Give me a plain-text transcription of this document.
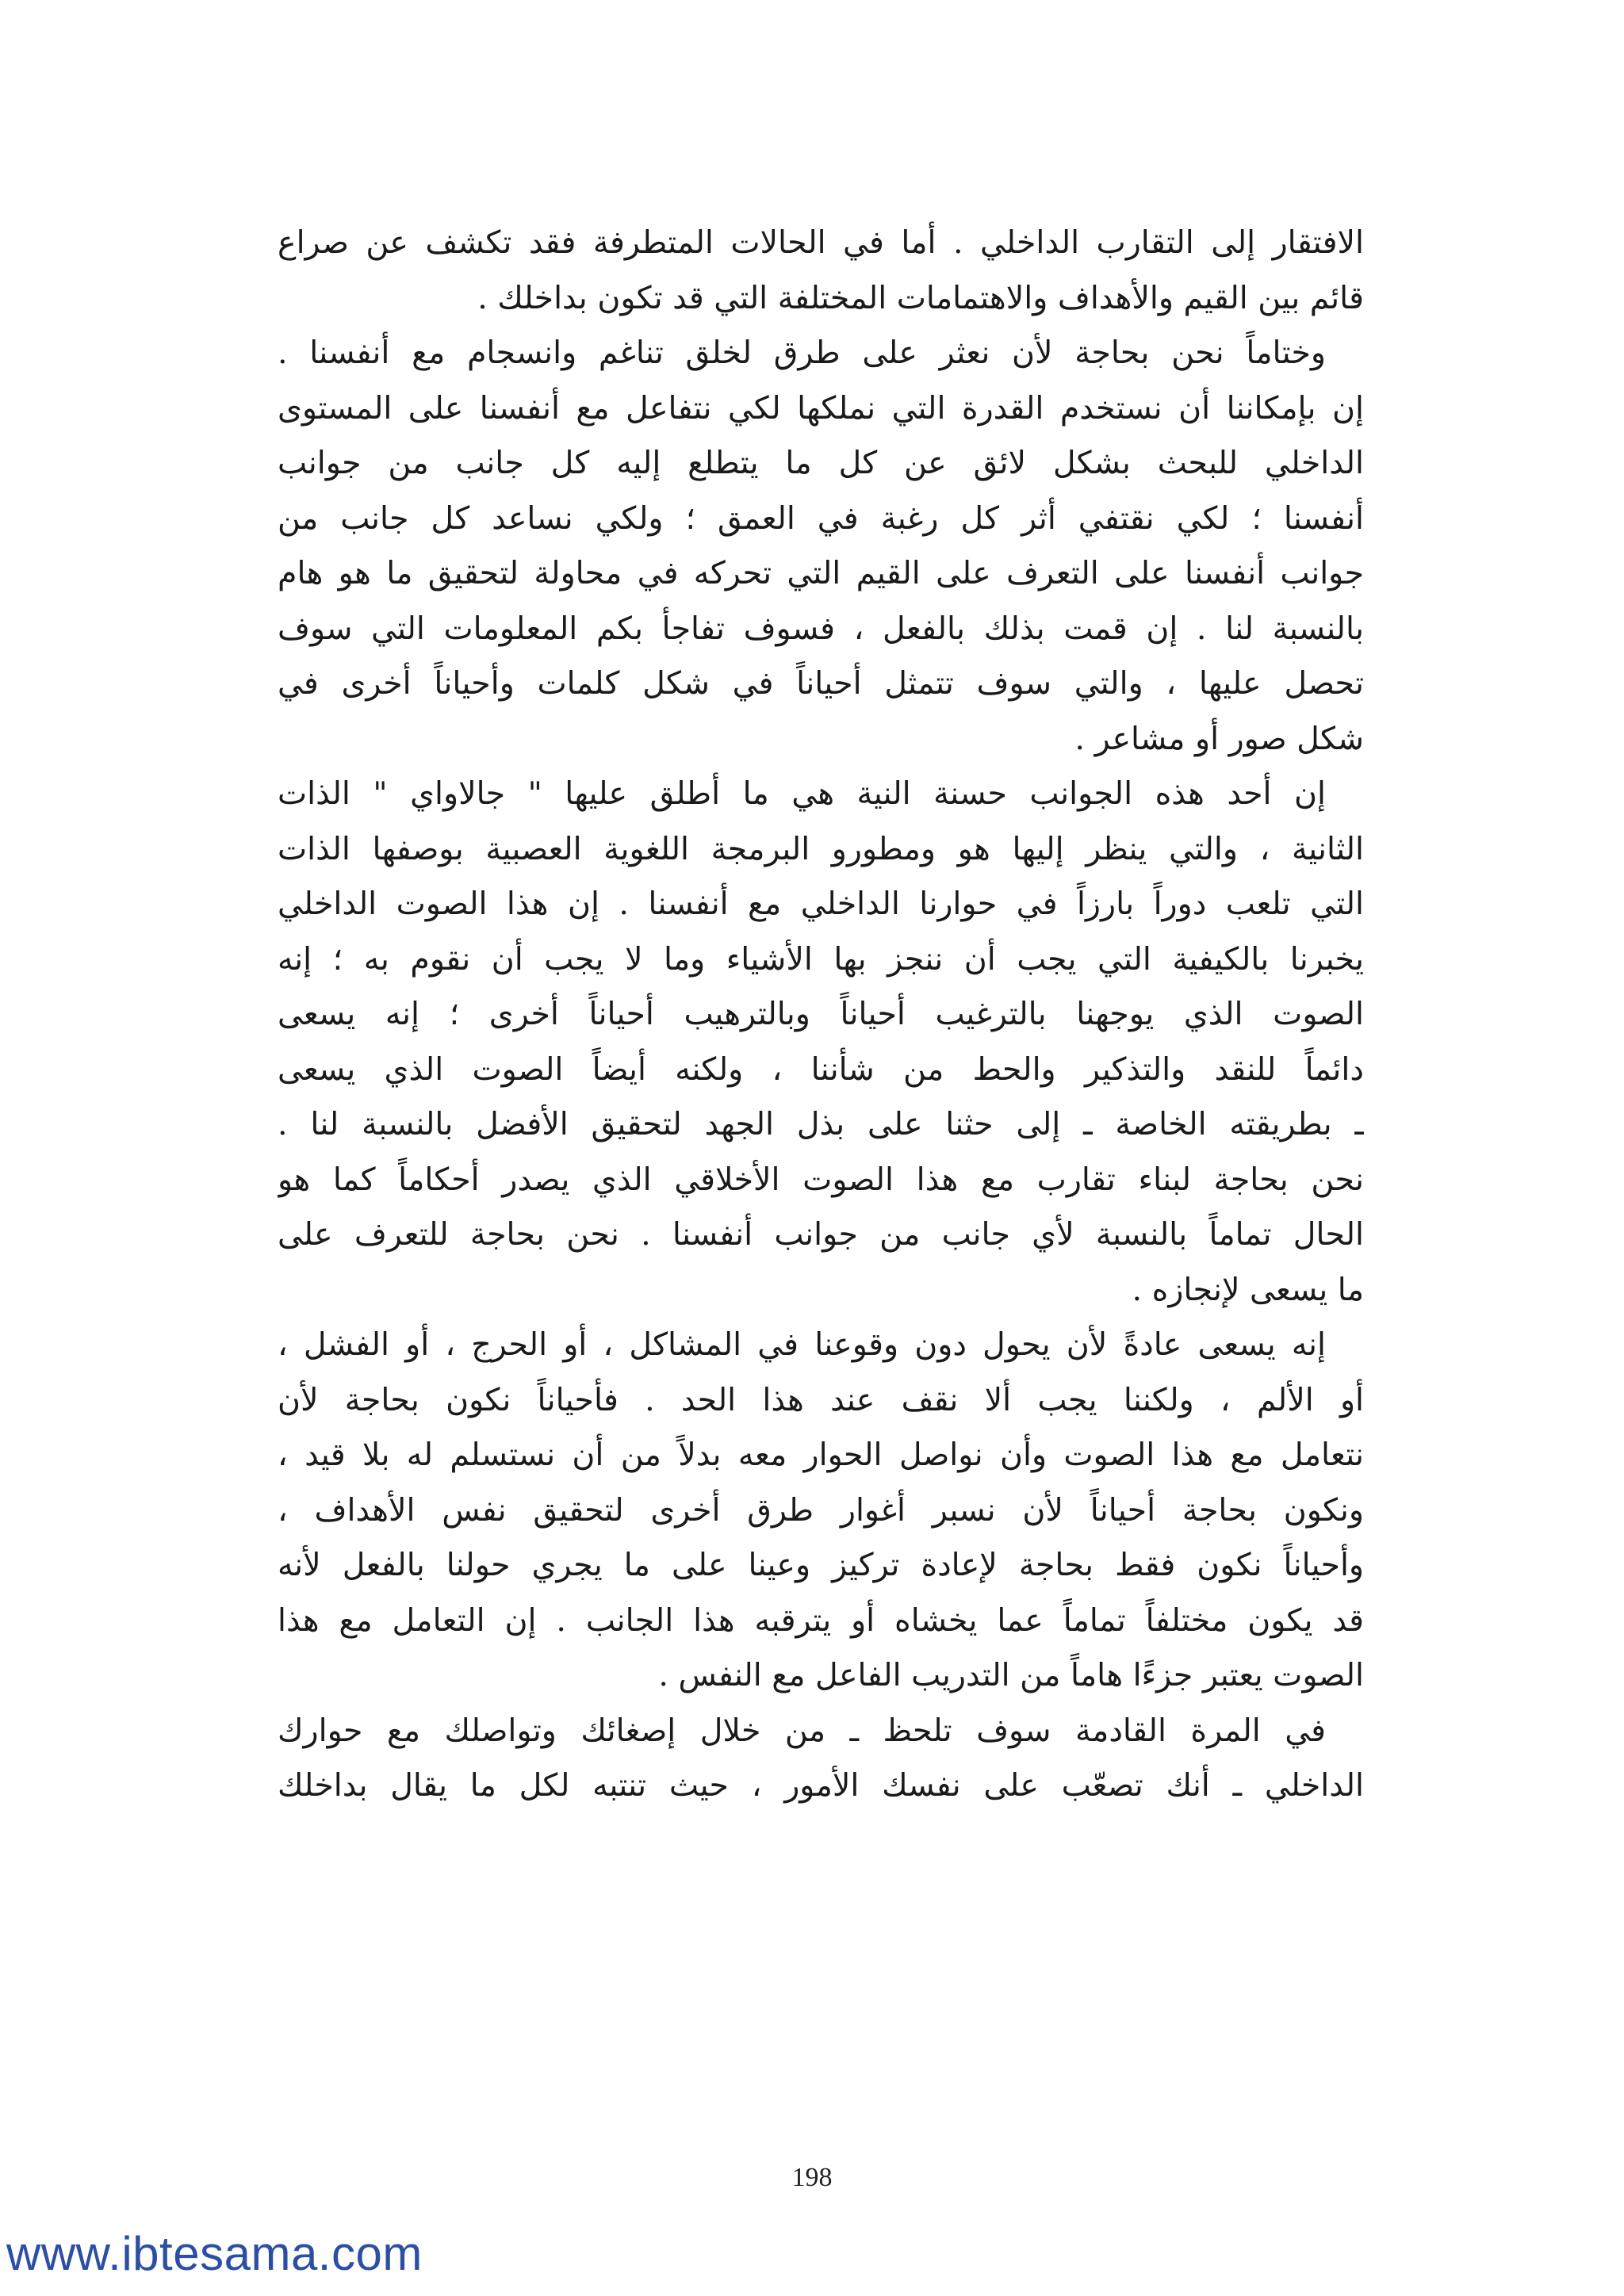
الافتقار إلى التقارب الداخلي . أما في الحالات المتطرفة فقد تكشف عن صراع
قائم بين القيم والأهداف والاهتمامات المختلفة التي قد تكون بداخلك .
وختاماً نحن بحاجة لأن نعثر على طرق لخلق تناغم وانسجام مع أنفسنا .
إن بإمكاننا أن نستخدم القدرة التي نملكها لكي نتفاعل مع أنفسنا على المستوى
الداخلي للبحث بشكل لائق عن كل ما يتطلع إليه كل جانب من جوانب
أنفسنا ؛ لكي نقتفي أثر كل رغبة في العمق ؛ ولكي نساعد كل جانب من
جوانب أنفسنا على التعرف على القيم التي تحركه في محاولة لتحقيق ما هو هام
بالنسبة لنا . إن قمت بذلك بالفعل ، فسوف تفاجأ بكم المعلومات التي سوف
تحصل عليها ، والتي سوف تتمثل أحياناً في شكل كلمات وأحياناً أخرى في
شكل صور أو مشاعر .
إن أحد هذه الجوانب حسنة النية هي ما أطلق عليها " جالاواي " الذات
الثانية ، والتي ينظر إليها هو ومطورو البرمجة اللغوية العصبية بوصفها الذات
التي تلعب دوراً بارزاً في حوارنا الداخلي مع أنفسنا . إن هذا الصوت الداخلي
يخبرنا بالكيفية التي يجب أن ننجز بها الأشياء وما لا يجب أن نقوم به ؛ إنه
الصوت الذي يوجهنا بالترغيب أحياناً وبالترهيب أحياناً أخرى ؛ إنه يسعى
دائماً للنقد والتذكير والحط من شأننا ، ولكنه أيضاً الصوت الذي يسعى
ـ بطريقته الخاصة ـ إلى حثنا على بذل الجهد لتحقيق الأفضل بالنسبة لنا .
نحن بحاجة لبناء تقارب مع هذا الصوت الأخلاقي الذي يصدر أحكاماً كما هو
الحال تماماً بالنسبة لأي جانب من جوانب أنفسنا . نحن بحاجة للتعرف على
ما يسعى لإنجازه .
إنه يسعى عادةً لأن يحول دون وقوعنا في المشاكل ، أو الحرج ، أو الفشل ،
أو الألم ، ولكننا يجب ألا نقف عند هذا الحد . فأحياناً نكون بحاجة لأن
نتعامل مع هذا الصوت وأن نواصل الحوار معه بدلاً من أن نستسلم له بلا قيد ،
ونكون بحاجة أحياناً لأن نسبر أغوار طرق أخرى لتحقيق نفس الأهداف ،
وأحياناً نكون فقط بحاجة لإعادة تركيز وعينا على ما يجري حولنا بالفعل لأنه
قد يكون مختلفاً تماماً عما يخشاه أو يترقبه هذا الجانب . إن التعامل مع هذا
الصوت يعتبر جزءًا هاماً من التدريب الفاعل مع النفس .
في المرة القادمة سوف تلحظ ـ من خلال إصغائك وتواصلك مع حوارك
الداخلي ـ أنك تصعّب على نفسك الأمور ، حيث تنتبه لكل ما يقال بداخلك
198
www.ibtesama.com
